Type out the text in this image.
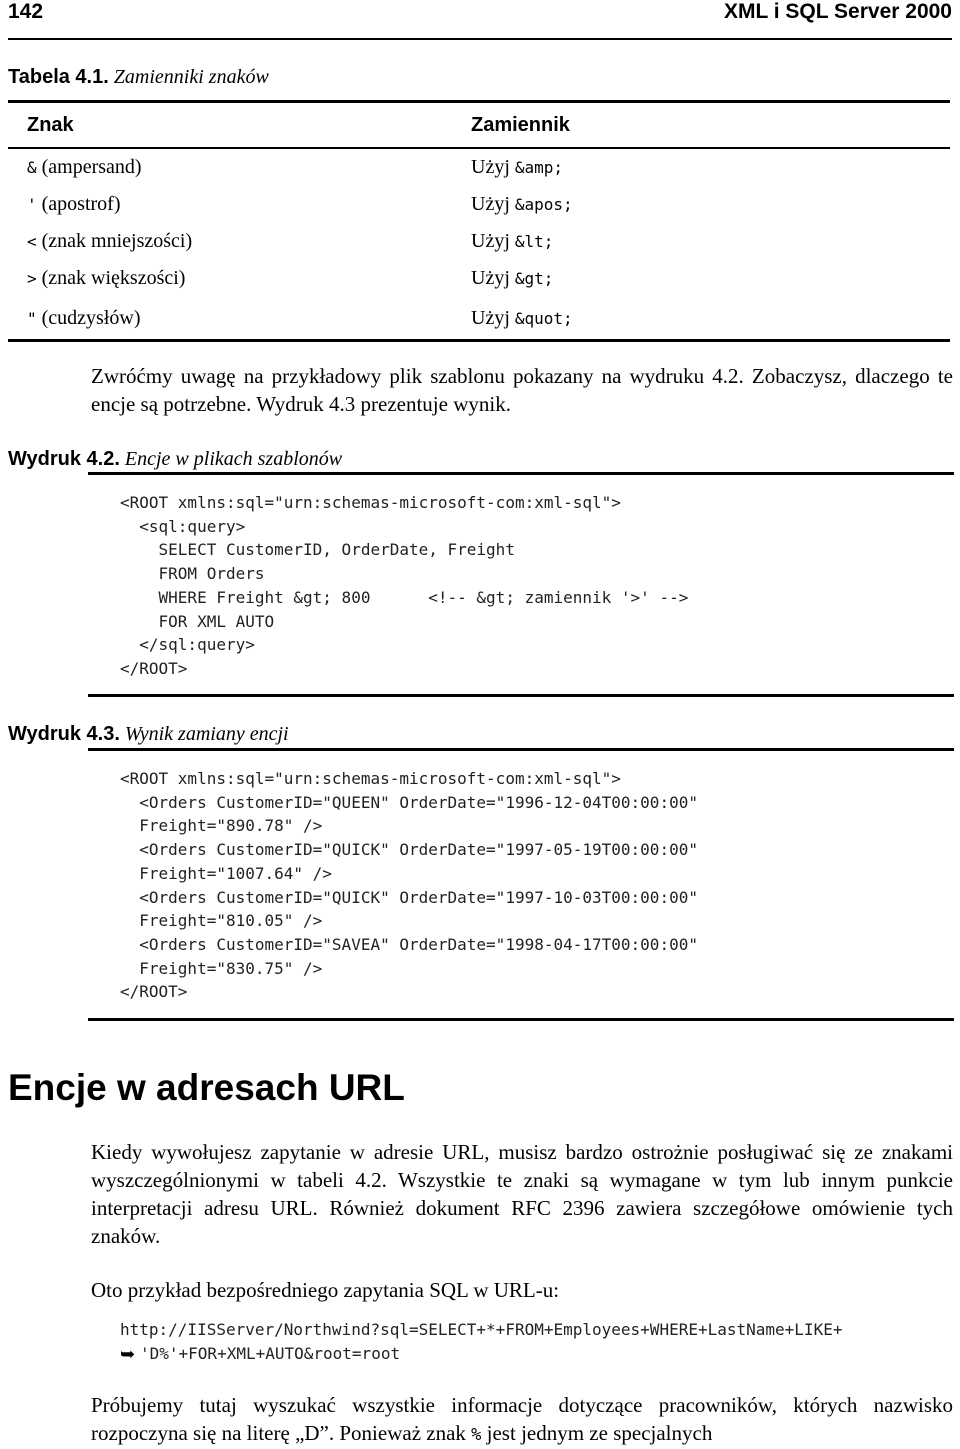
142	XML i SQL Server 2000
Tabela 4.1. Zamienniki znaków
Znak	Zamiennik
& (ampersand)	Użyj &amp;
' (apostrof)	Użyj &apos;
< (znak mniejszości)	Użyj &lt;
> (znak większości)	Użyj &gt;
" (cudzysłów)	Użyj &quot;

Zwróćmy uwagę na przykładowy plik szablonu pokazany na wydruku 4.2. Zobaczysz, dlaczego te encje są potrzebne. Wydruk 4.3 prezentuje wynik.

Wydruk 4.2. Encje w plikach szablonów
<ROOT xmlns:sql="urn:schemas-microsoft-com:xml-sql">
<sql:query>
SELECT CustomerID, OrderDate, Freight
FROM Orders
WHERE Freight &gt; 800      <!-- &gt; zamiennik '>' -->
FOR XML AUTO
</sql:query>
</ROOT>
Wydruk 4.3. Wynik zamiany encji
<ROOT xmlns:sql="urn:schemas-microsoft-com:xml-sql">
<Orders CustomerID="QUEEN" OrderDate="1996-12-04T00:00:00"
Freight="890.78" />
<Orders CustomerID="QUICK" OrderDate="1997-05-19T00:00:00"
Freight="1007.64" />
<Orders CustomerID="QUICK" OrderDate="1997-10-03T00:00:00"
Freight="810.05" />
<Orders CustomerID="SAVEA" OrderDate="1998-04-17T00:00:00"
Freight="830.75" />
</ROOT>
Encje w adresach URL

Kiedy wywołujesz zapytanie w adresie URL, musisz bardzo ostrożnie posługiwać się ze znakami wyszczególnionymi w tabeli 4.2. Wszystkie te znaki są wymagane w tym lub innym punkcie interpretacji adresu URL. Również dokument RFC 2396 zawiera szczegółowe omówienie tych znaków.

Oto przykład bezpośredniego zapytania SQL w URL-u:

http://IISServer/Northwind?sql=SELECT+*+FROM+Employees+WHERE+LastName+LIKE+
'D%'+FOR+XML+AUTO&root=root
➥

Próbujemy tutaj wyszukać wszystkie informacje dotyczące pracowników, których nazwisko rozpoczyna się na literę „D”. Ponieważ znak % jest jednym ze specjalnych
